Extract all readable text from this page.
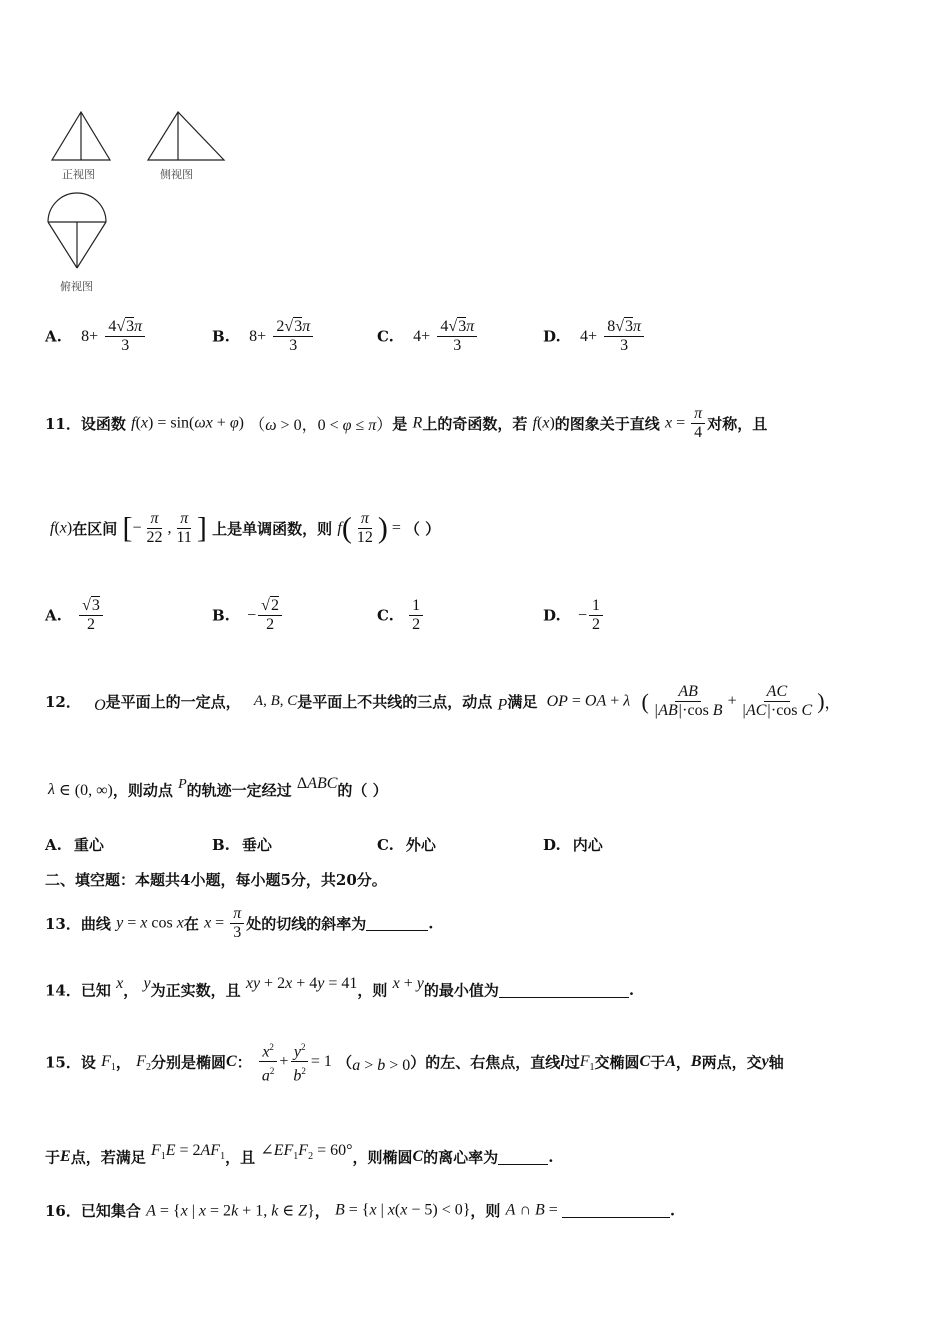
正视图	侧视图
俯视图
A. $8+ \frac{4√3\pi}{3}$	B. $8+ \frac{2√3\pi}{3}$	C. $4+ \frac{4√3\pi}{3}$	D. $4+ \frac{8√3\pi}{3}$
11．设函数 f(x) = sin(ωx + φ) （ω > 0，0 < φ ≤ π）是 R上的奇函数，若 f(x)的图象关于直线 $x = \frac{\pi}{4}$ 对称，且
f(x)在区间 [− $\frac{\pi}{22}$ , $\frac{\pi}{11}$ ] 上是单调函数，则 $f( \frac{\pi}{12}$ ) = （ ）
A. $\frac{√3}{2}$	B. − $\frac{√2}{2}$	C. $\frac{1}{2}$	D. − $\frac{1}{2}$
12． O是平面上的一定点， A, B, C是平面上不共线的三点，动点 P满足 OP = OA + λ ( $\frac{AB}{\text{|AB|·cos B}} + \frac{AC}{\text{|AC|·cos C}}$ )，
λ ∈ (0, ∞)，则动点 P的轨迹一定经过 ΔABC的（ ）
A. 重心	B. 垂心	C. 外心	D. 内心
二、填空题：本题共4小题，每小题5分，共20分。
13．曲线 y = x cos x在 $x = \frac{\pi}{3}$ 处的切线的斜率为	.
14．已知 x， y为正实数，且 xy + 2x + 4y = 41，则 x + y的最小值为	.
15．设 $F_1$， $F_2$分别是椭圆C： $\frac{x^2}{a^2} + \frac{y^2}{b^2} = 1$ （a > b > 0）的左、右焦点，直线l过$F_1$交椭圆C于A，B两点，交y轴
于E点，若满足 $F_1E = 2AF_1$，且 $\angle EF_1F_2 = 60^\circ$，则椭圆C的离心率为	.
16．已知集合 A = {x | x = 2k + 1, k ∈ Z}， B = {x | x(x − 5) < 0}，则 A ∩ B =	.
